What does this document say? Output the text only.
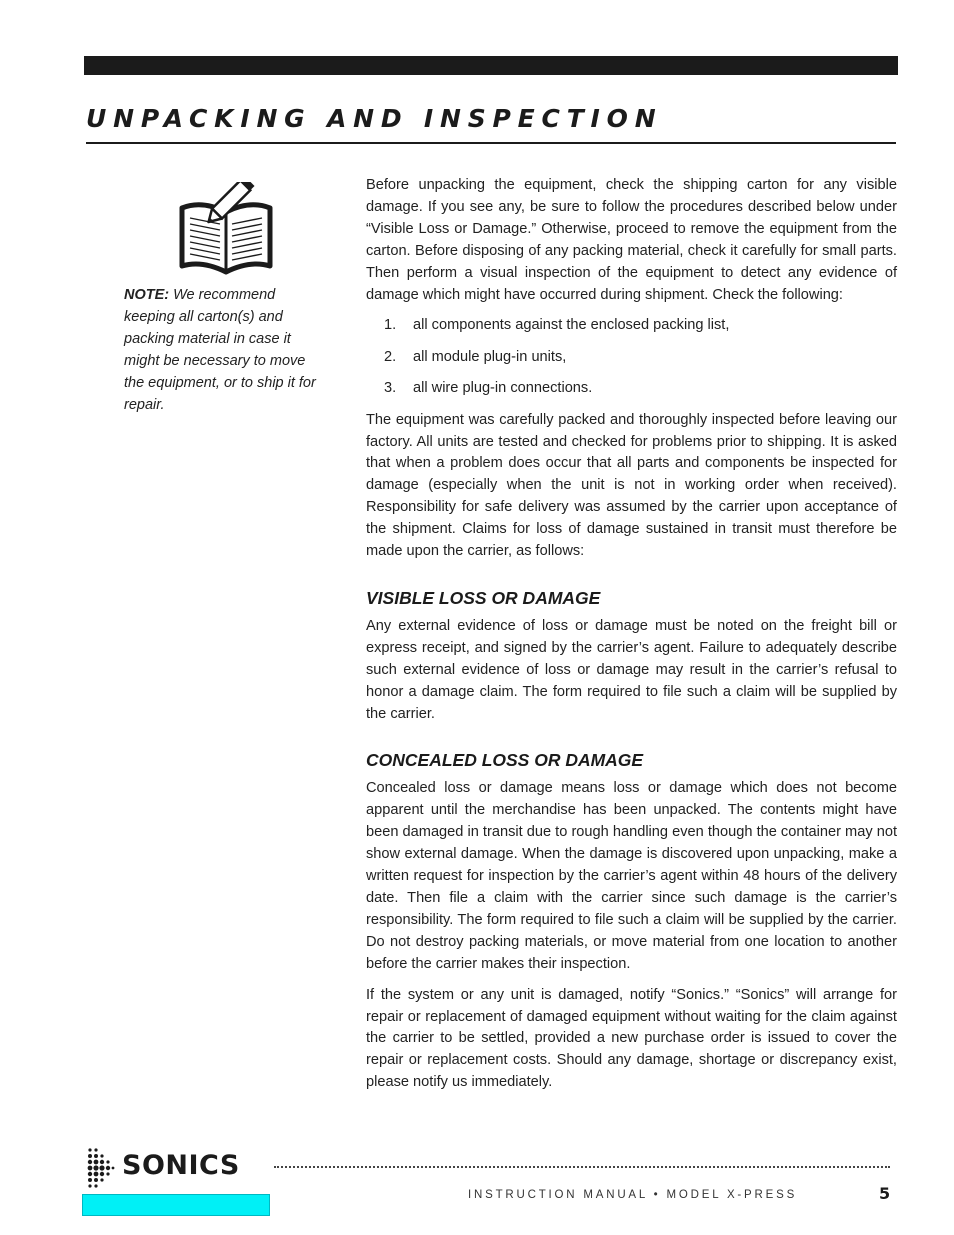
UNPACKING AND INSPECTION
NOTE: We recommend keeping all carton(s) and packing material in case it might be necessary to move the equipment, or to ship it for repair.

Before unpacking the equipment, check the shipping carton for any visible damage. If you see any, be sure to follow the procedures described below under “Visible Loss or Damage.” Otherwise, proceed to remove the equipment from the carton. Before disposing of any packing material, check it carefully for small parts. Then perform a visual inspection of the equipment to detect any evidence of damage which might have occurred during shipment. Check the following:

1.	all components against the enclosed packing list,
2.	all module plug-in units,
3.	all wire plug-in connections.

The equipment was carefully packed and thoroughly inspected before leaving our factory. All units are tested and checked for problems prior to shipping. It is asked that when a problem does occur that all parts and components be inspected for damage (especially when the unit is not in working order when received). Responsibility for safe delivery was assumed by the carrier upon acceptance of the shipment. Claims for loss of damage sustained in transit must therefore be made upon the carrier, as follows:

VISIBLE LOSS OR DAMAGE

Any external evidence of loss or damage must be noted on the freight bill or express receipt, and signed by the carrier’s agent. Failure to adequately describe such external evidence of loss or damage may result in the carrier’s refusal to honor a damage claim. The form required to file such a claim will be supplied by the carrier.

CONCEALED LOSS OR DAMAGE

Concealed loss or damage means loss or damage which does not become apparent until the merchandise has been unpacked. The contents might have been damaged in transit due to rough handling even though the container may not show external damage. When the damage is discovered upon unpacking, make a written request for inspection by the carrier’s agent within 48 hours of the delivery date. Then file a claim with the carrier since such damage is the carrier’s responsibility. The form required to file such a claim will be supplied by the carrier. Do not destroy packing materials, or move material from one location to another before the carrier makes their inspection.

If the system or any unit is damaged, notify “Sonics.” “Sonics” will arrange for repair or replacement of damaged equipment without waiting for the claim against the carrier to be settled, provided a new purchase order is issued to cover the repair or replacement costs. Should any damage, shortage or discrepancy exist, please notify us immediately.

SONICS
INSTRUCTION MANUAL • MODEL X-PRESS	5
